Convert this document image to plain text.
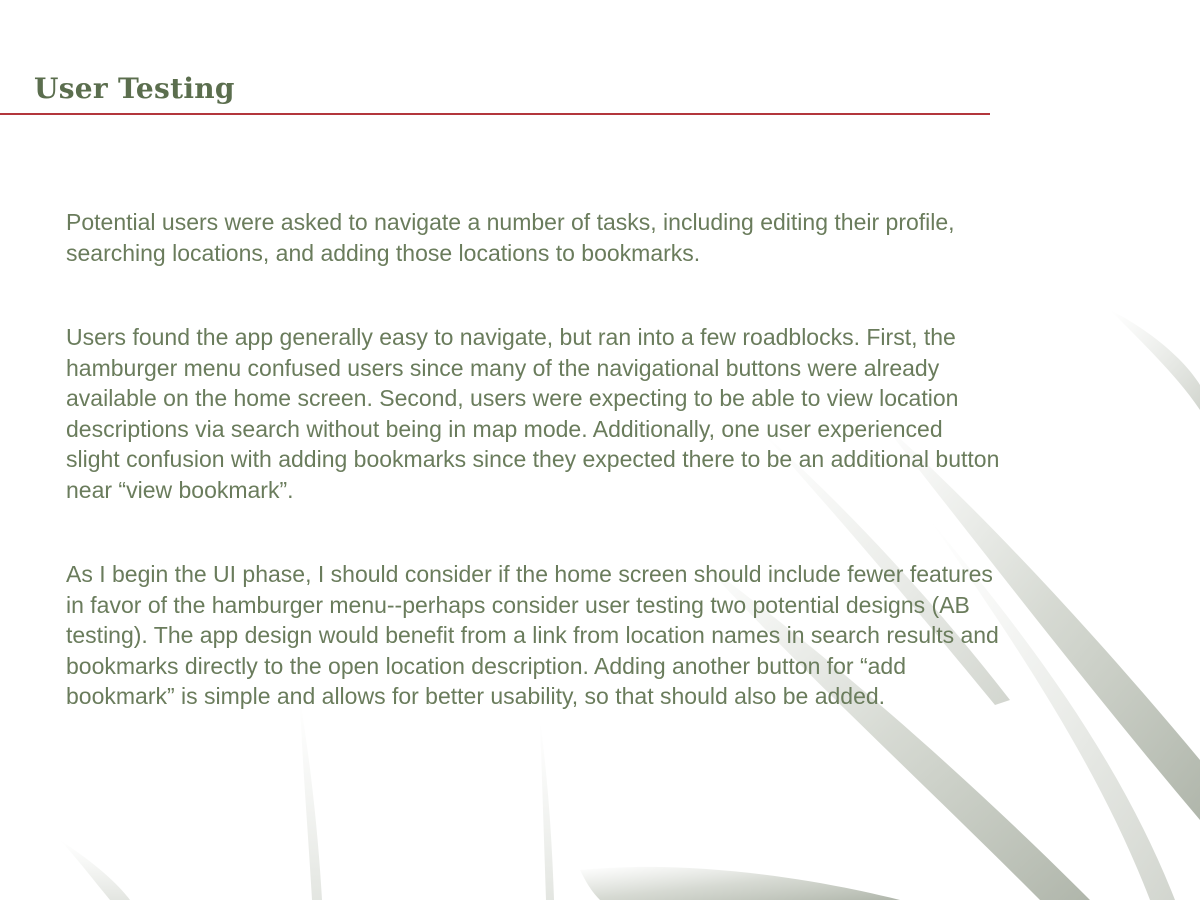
User Testing

Potential users were asked to navigate a number of tasks, including editing their profile,
searching locations, and adding those locations to bookmarks.

Users found the app generally easy to navigate, but ran into a few roadblocks. First, the
hamburger menu confused users since many of the navigational buttons were already
available on the home screen. Second, users were expecting to be able to view location
descriptions via search without being in map mode. Additionally, one user experienced
slight confusion with adding bookmarks since they expected there to be an additional button
near “view bookmark”.

As I begin the UI phase, I should consider if the home screen should include fewer features
in favor of the hamburger menu--perhaps consider user testing two potential designs (AB
testing). The app design would benefit from a link from location names in search results and
bookmarks directly to the open location description. Adding another button for “add
bookmark” is simple and allows for better usability, so that should also be added.
